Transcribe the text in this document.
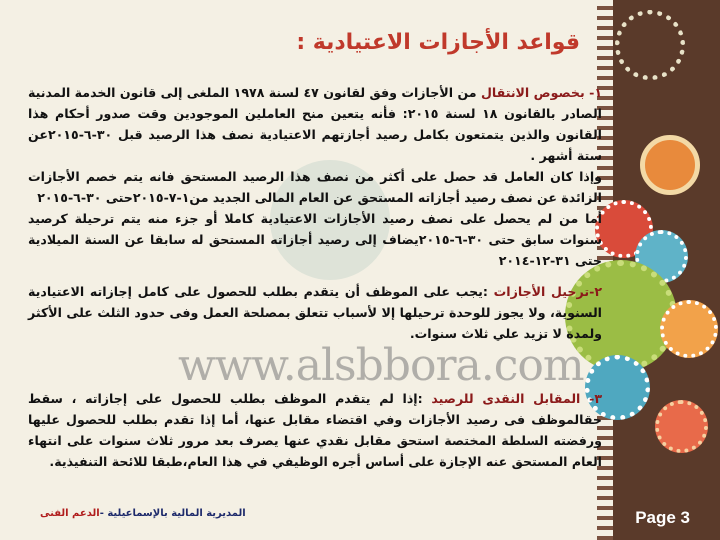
قواعد الأجازات الاعتيادية :

١- بخصوص الانتقال من الأجازات وفق لقانون ٤٧ لسنة ١٩٧٨ الملغى إلى قانون الخدمة المدنية الصادر بالقانون ١٨ لسنة ٢٠١٥: فأنه يتعين منح العاملين الموجودين وقت صدور أحكام هذا القانون والذين يتمتعون بكامل رصيد أجازتهم الاعتيادية نصف هذا الرصيد قبل ٣٠-٦-٢٠١٥عن ستة أشهر .

وإذا كان العامل قد حصل على أكثر من نصف هذا الرصيد المستحق فانه يتم خصم الأجازات الزائدة عن نصف رصيد أجازاته المستحق عن العام المالى الجديد من١-٧-٢٠١٥حتى ٣٠-٦-٢٠١٥

أما من لم يحصل على نصف رصيد الأجازات الاعتيادية كاملا أو جزء منه يتم ترحيلة كرصيد سنوات سابق حتى ٣٠-٦-٢٠١٥يضاف إلى رصيد أجازاته المستحق له سابقا عن السنة الميلادية حتى ٣١-١٢-٢٠١٤

٢-ترحيل الأجازات :يجب على الموظف أن يتقدم بطلب للحصول على كامل إجازاته الاعتيادية السنوية، ولا يجوز للوحدة ترحيلها إلا لأسباب تتعلق بمصلحة العمل وفى حدود الثلث على الأكثر ولمدة لا تزيد علي ثلاث سنوات.

www.alsbbora.com

٣- المقابل النقدى للرصيد :إذا لم يتقدم الموظف بطلب للحصول على إجازاته ، سقط حقالموظف فى رصيد الأجازات وفي اقتضاء مقابل عنها، أما إذا تقدم بطلب للحصول عليها ورفضته السلطة المختصة استحق مقابل نقدي عنها يصرف بعد مرور ثلاث سنوات على انتهاء العام المستحق عنه الإجازة على أساس أجره الوظيفي في هذا العام،طبقا للائحة التنفيذية.

المديرية المالية بالإسماعيلية -الدعم الفنى	Page 3
